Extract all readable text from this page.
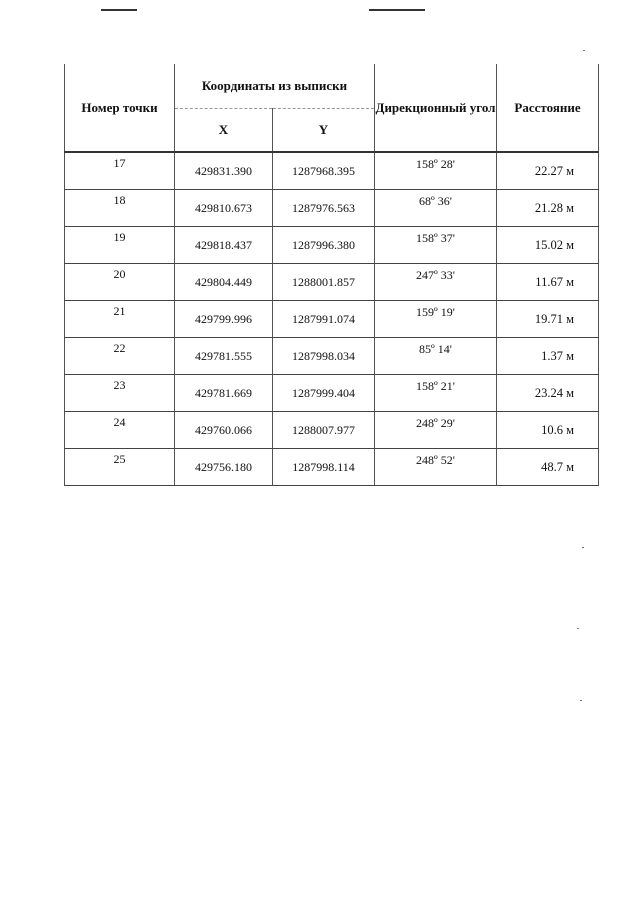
Номер точки	Координаты из выписки		Дирекционный угол	Расстояние
	X	Y		
17	429831.390	1287968.395	158º 28'	22.27 м
18	429810.673	1287976.563	68º 36'	21.28 м
19	429818.437	1287996.380	158º 37'	15.02 м
20	429804.449	1288001.857	247º 33'	11.67 м
21	429799.996	1287991.074	159º 19'	19.71 м
22	429781.555	1287998.034	85º 14'	1.37 м
23	429781.669	1287999.404	158º 21'	23.24 м
24	429760.066	1288007.977	248º 29'	10.6 м
25	429756.180	1287998.114	248º 52'	48.7 м
